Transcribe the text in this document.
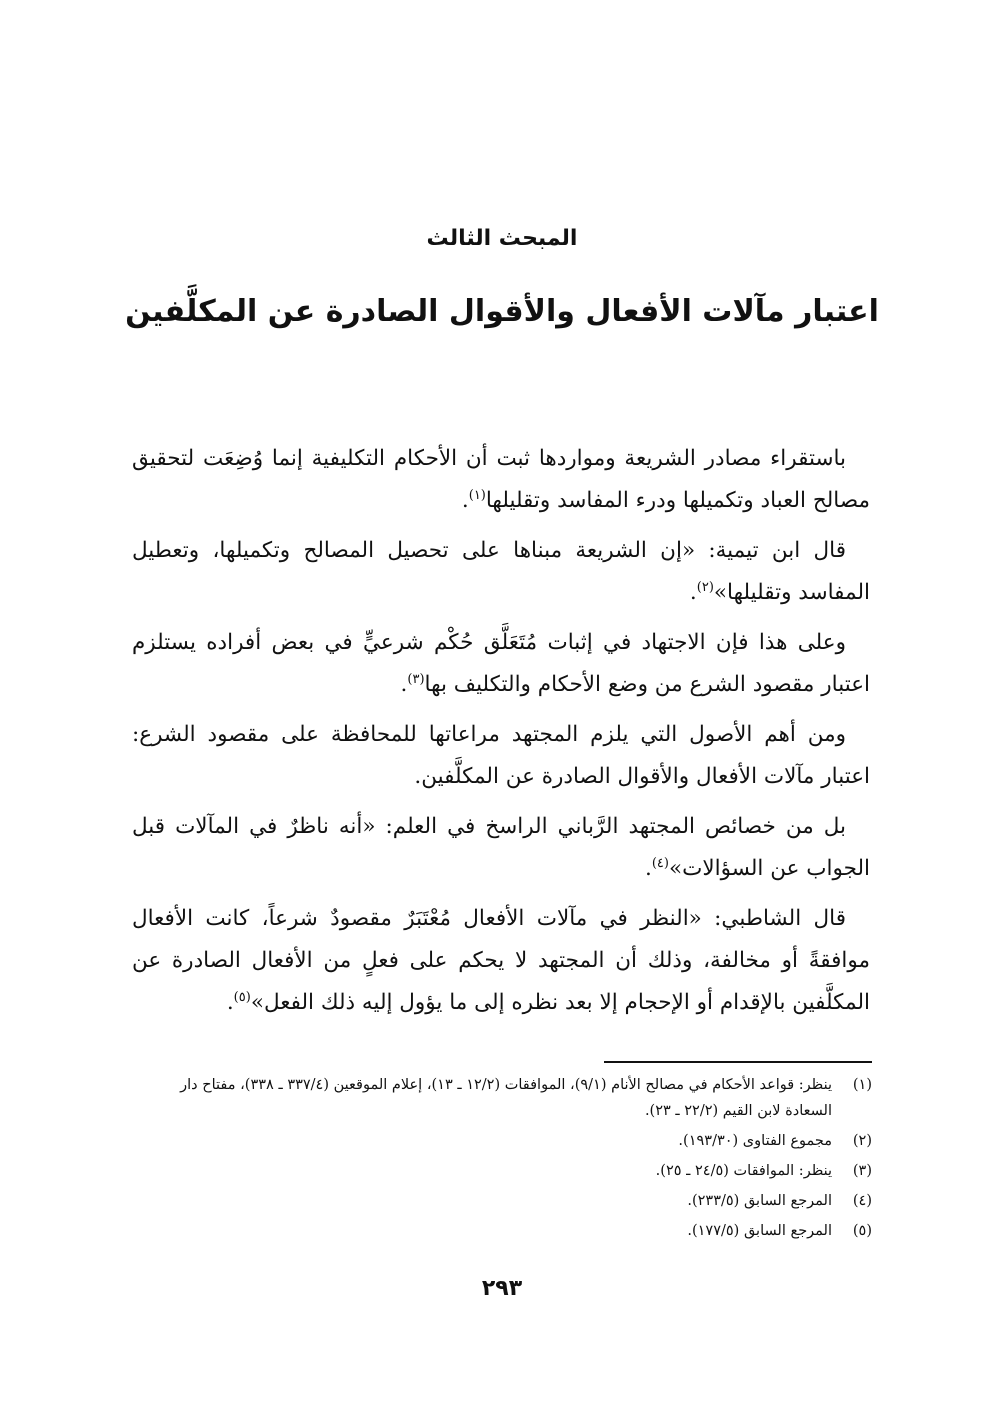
المبحث الثالث
اعتبار مآلات الأفعال والأقوال الصادرة عن المكلَّفين

باستقراء مصادر الشريعة ومواردها ثبت أن الأحكام التكليفية إنما وُضِعَت لتحقيق مصالح العباد وتكميلها ودرء المفاسد وتقليلها$^{(١)}$.

قال ابن تيمية: «إن الشريعة مبناها على تحصيل المصالح وتكميلها، وتعطيل المفاسد وتقليلها»$^{(٢)}$.

وعلى هذا فإن الاجتهاد في إثبات مُتَعَلَّق حُكْم شرعيٍّ في بعض أفراده يستلزم اعتبار مقصود الشرع من وضع الأحكام والتكليف بها$^{(٣)}$.

ومن أهم الأصول التي يلزم المجتهد مراعاتها للمحافظة على مقصود الشرع: اعتبار مآلات الأفعال والأقوال الصادرة عن المكلَّفين.

بل من خصائص المجتهد الرَّباني الراسخ في العلم: «أنه ناظرٌ في المآلات قبل الجواب عن السؤالات»$^{(٤)}$.

قال الشاطبي: «النظر في مآلات الأفعال مُعْتَبَرٌ مقصودٌ شرعاً، كانت الأفعال موافقةً أو مخالفة، وذلك أن المجتهد لا يحكم على فعلٍ من الأفعال الصادرة عن المكلَّفين بالإقدام أو الإحجام إلا بعد نظره إلى ما يؤول إليه ذلك الفعل»$^{(٥)}$.

(١)
ينظر: قواعد الأحكام في مصالح الأنام (٩/١)، الموافقات (١٢/٢ ـ ١٣)، إعلام الموقعين (٣٣٧/٤ ـ ٣٣٨)، مفتاح دار السعادة لابن القيم (٢٢/٢ ـ ٢٣).
(٢)
مجموع الفتاوى (١٩٣/٣٠).
(٣)
ينظر: الموافقات (٢٤/٥ ـ ٢٥).
(٤)
المرجع السابق (٢٣٣/٥).
(٥)
المرجع السابق (١٧٧/٥).
٢٩٣
